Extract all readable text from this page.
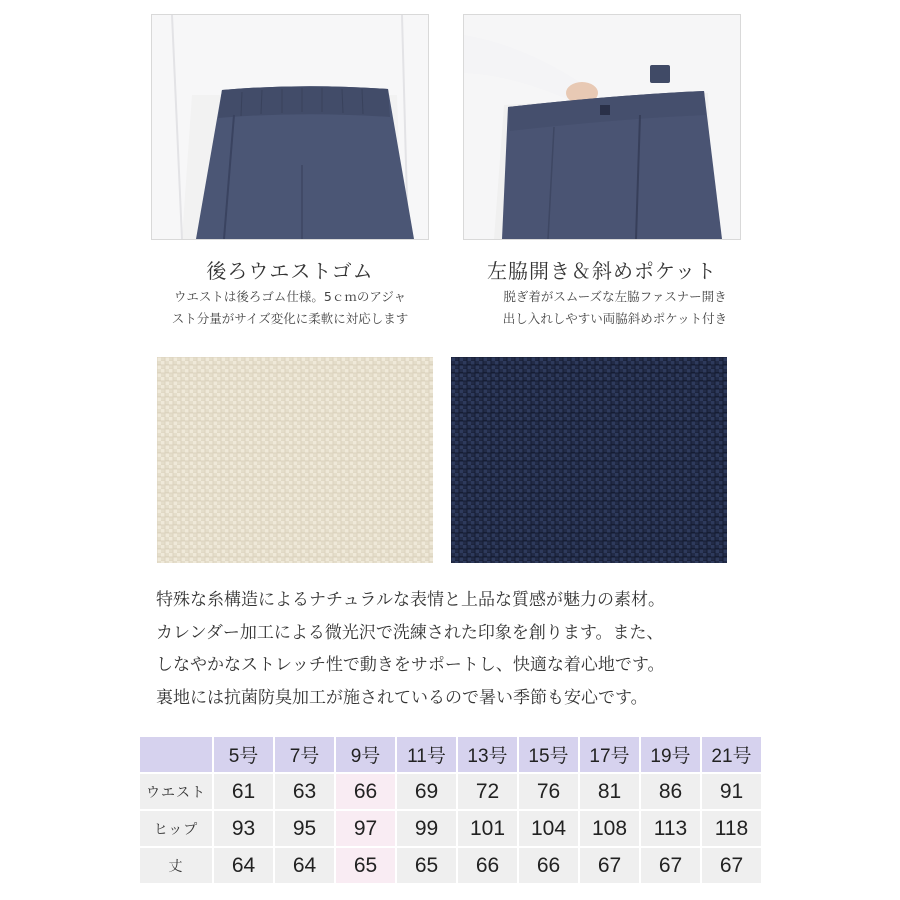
後ろウエストゴム
ウエストは後ろゴム仕様。5ｃｍのアジャ
スト分量がサイズ変化に柔軟に対応します
左脇開き＆斜めポケット
脱ぎ着がスムーズな左脇ファスナー開き
出し入れしやすい両脇斜めポケット付き
特殊な糸構造によるナチュラルな表情と上品な質感が魅力の素材。
カレンダー加工による微光沢で洗練された印象を創ります。また、
しなやかなストレッチ性で動きをサポートし、快適な着心地です。
裏地には抗菌防臭加工が施されているので暑い季節も安心です。
	5号	7号	9号	11号	13号	15号	17号	19号	21号
ウエスト	61	63	66	69	72	76	81	86	91
ヒップ	93	95	97	99	101	104	108	113	118
丈	64	64	65	65	66	66	67	67	67
